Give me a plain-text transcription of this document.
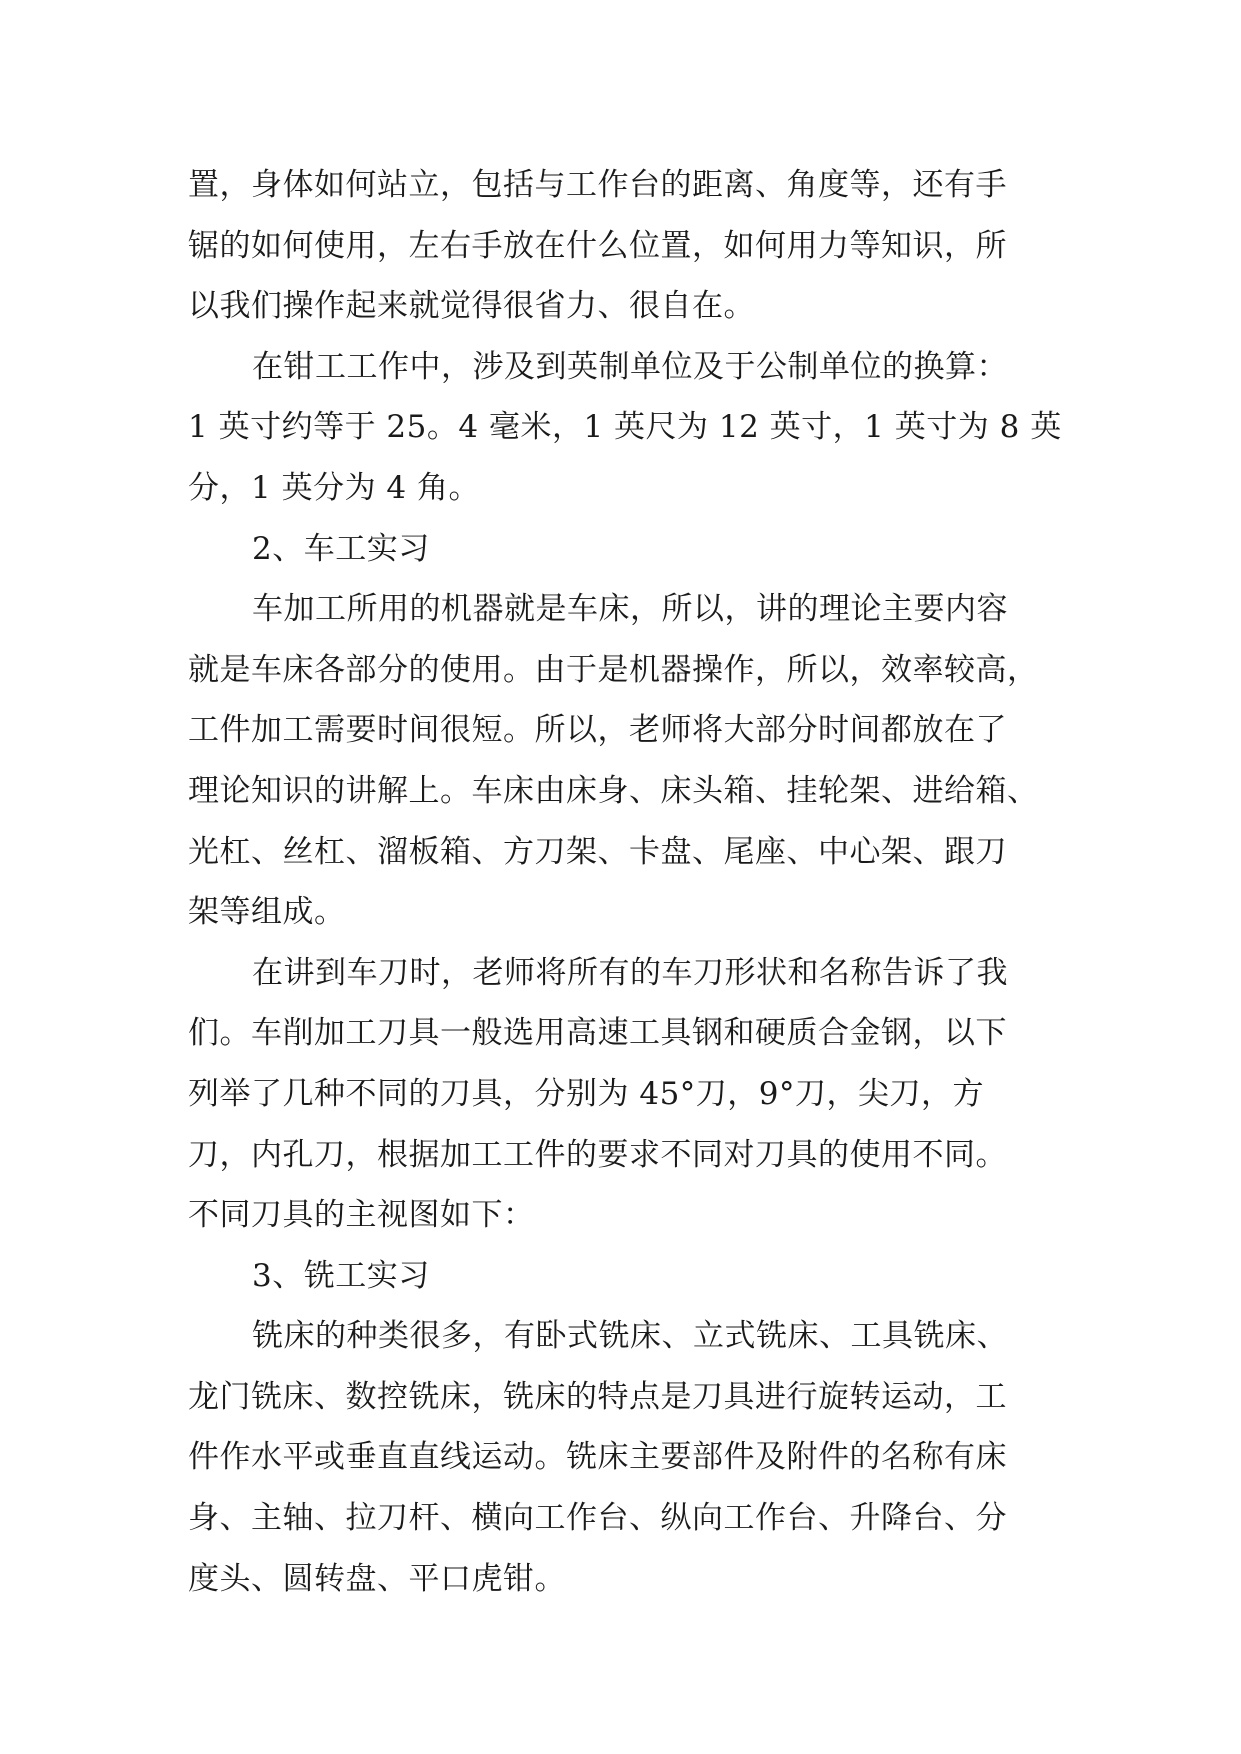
置，身体如何站立，包括与工作台的距离、角度等，还有手
锯的如何使用，左右手放在什么位置，如何用力等知识，所
以我们操作起来就觉得很省力、很自在。
在钳工工作中，涉及到英制单位及于公制单位的换算：
1 英寸约等于 25。4 毫米，1 英尺为 12 英寸，1 英寸为 8 英
分，1 英分为 4 角。
2、车工实习
车加工所用的机器就是车床，所以，讲的理论主要内容
就是车床各部分的使用。由于是机器操作，所以，效率较高，
工件加工需要时间很短。所以，老师将大部分时间都放在了
理论知识的讲解上。车床由床身、床头箱、挂轮架、进给箱、
光杠、丝杠、溜板箱、方刀架、卡盘、尾座、中心架、跟刀
架等组成。
在讲到车刀时，老师将所有的车刀形状和名称告诉了我
们。车削加工刀具一般选用高速工具钢和硬质合金钢，以下
列举了几种不同的刀具，分别为 45°刀，9°刀，尖刀，方
刀，内孔刀，根据加工工件的要求不同对刀具的使用不同。
不同刀具的主视图如下：
3、铣工实习
铣床的种类很多，有卧式铣床、立式铣床、工具铣床、
龙门铣床、数控铣床，铣床的特点是刀具进行旋转运动，工
件作水平或垂直直线运动。铣床主要部件及附件的名称有床
身、主轴、拉刀杆、横向工作台、纵向工作台、升降台、分
度头、圆转盘、平口虎钳。
